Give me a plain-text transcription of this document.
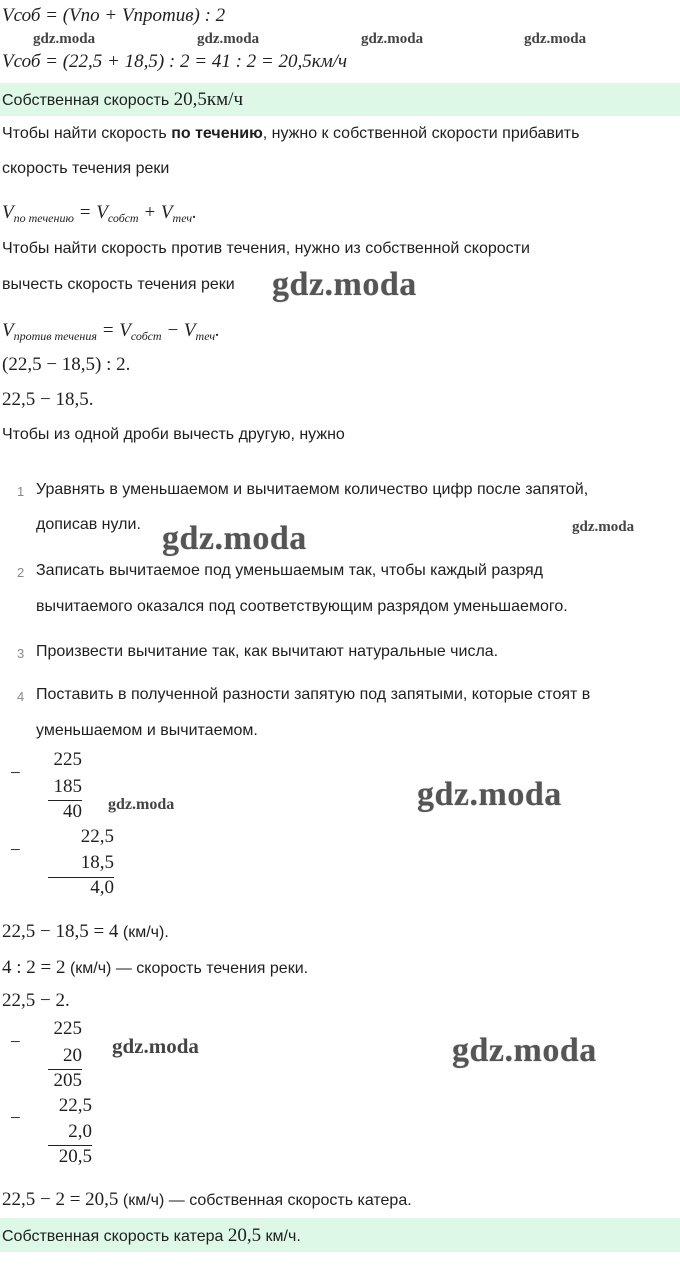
Vсоб = (Vпо + Vпротив) : 2
Vсоб = (22,5 + 18,5) : 2 = 41 : 2 = 20,5км/ч
gdz.moda	gdz.moda	gdz.moda	gdz.moda
Собственная скорость 20,5км/ч
Чтобы найти скорость по течению, нужно к собственной скорости прибавить
скорость течения реки
$V_{по течению} = V_{собст} + V_{теч}$.
Чтобы найти скорость против течения, нужно из собственной скорости
вычесть скорость течения реки gdz.moda
$V_{против течения} = V_{собст} - V_{теч}$.
(22,5 − 18,5) : 2.
22,5 − 18,5.
Чтобы из одной дроби вычесть другую, нужно
1 Уравнять в уменьшаемом и вычитаемом количество цифр после запятой,
дописав нули.
2 Записать вычитаемое под уменьшаемым так, чтобы каждый разряд
вычитаемого оказался под соответствующим разрядом уменьшаемого.
3 Произвести вычитание так, как вычитают натуральные числа.
4 Поставить в полученной разности запятую под запятыми, которые стоят в
уменьшаемом и вычитаемом.
gdz.moda	gdz.moda
−
225
185
40 gdz.moda	gdz.moda
−
22,5
18,5
4,0
22,5 − 18,5 = 4 (км/ч).
4 : 2 = 2 (км/ч) — скорость течения реки.
22,5 − 2.
−
225
20
205
gdz.moda	gdz.moda
−
22,5
2,0
20,5
22,5 − 2 = 20,5 (км/ч) — собственная скорость катера.
Собственная скорость катера 20,5 км/ч.
